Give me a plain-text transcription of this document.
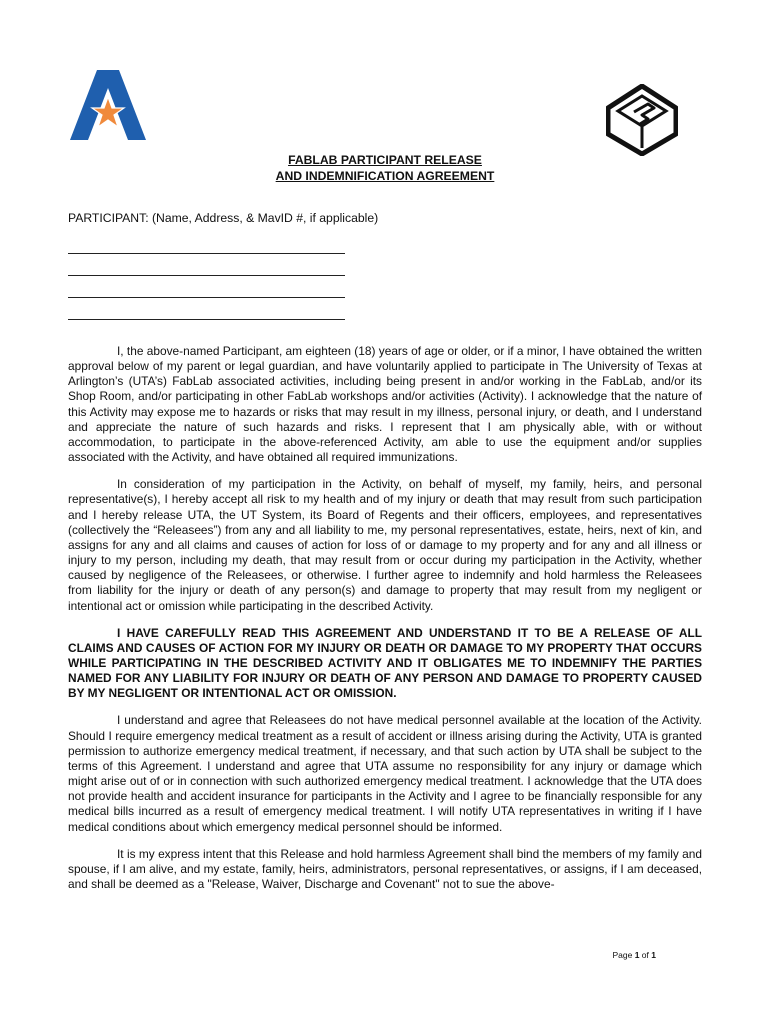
FABLAB PARTICIPANT RELEASE
AND INDEMNIFICATION AGREEMENT
PARTICIPANT: (Name, Address, & MavID #, if applicable)

I, the above-named Participant, am eighteen (18) years of age or older, or if a minor, I have obtained the written approval below of my parent or legal guardian, and have voluntarily applied to participate in The University of Texas at Arlington’s (UTA’s) FabLab associated activities, including being present in and/or working in the FabLab, and/or its Shop Room, and/or participating in other FabLab workshops and/or activities (Activity). I acknowledge that the nature of this Activity may expose me to hazards or risks that may result in my illness, personal injury, or death, and I understand and appreciate the nature of such hazards and risks. I represent that I am physically able, with or without accommodation, to participate in the above-referenced Activity, am able to use the equipment and/or supplies associated with the Activity, and have obtained all required immunizations.

In consideration of my participation in the Activity, on behalf of myself, my family, heirs, and personal representative(s), I hereby accept all risk to my health and of my injury or death that may result from such participation and I hereby release UTA, the UT System, its Board of Regents and their officers, employees, and representatives (collectively the “Releasees”) from any and all liability to me, my personal representatives, estate, heirs, next of kin, and assigns for any and all claims and causes of action for loss of or damage to my property and for any and all illness or injury to my person, including my death, that may result from or occur during my participation in the Activity, whether caused by negligence of the Releasees, or otherwise. I further agree to indemnify and hold harmless the Releasees from liability for the injury or death of any person(s) and damage to property that may result from my negligent or intentional act or omission while participating in the described Activity.

I HAVE CAREFULLY READ THIS AGREEMENT AND UNDERSTAND IT TO BE A RELEASE OF ALL CLAIMS AND CAUSES OF ACTION FOR MY INJURY OR DEATH OR DAMAGE TO MY PROPERTY THAT OCCURS WHILE PARTICIPATING IN THE DESCRIBED ACTIVITY AND IT OBLIGATES ME TO INDEMNIFY THE PARTIES NAMED FOR ANY LIABILITY FOR INJURY OR DEATH OF ANY PERSON AND DAMAGE TO PROPERTY CAUSED BY MY NEGLIGENT OR INTENTIONAL ACT OR OMISSION.

I understand and agree that Releasees do not have medical personnel available at the location of the Activity. Should I require emergency medical treatment as a result of accident or illness arising during the Activity, UTA is granted permission to authorize emergency medical treatment, if necessary, and that such action by UTA shall be subject to the terms of this Agreement. I understand and agree that UTA assume no responsibility for any injury or damage which might arise out of or in connection with such authorized emergency medical treatment. I acknowledge that the UTA does not provide health and accident insurance for participants in the Activity and I agree to be financially responsible for any medical bills incurred as a result of emergency medical treatment. I will notify UTA representatives in writing if I have medical conditions about which emergency medical personnel should be informed.

It is my express intent that this Release and hold harmless Agreement shall bind the members of my family and spouse, if I am alive, and my estate, family, heirs, administrators, personal representatives, or assigns, if I am deceased, and shall be deemed as a "Release, Waiver, Discharge and Covenant" not to sue the above-

Page 1 of 1
